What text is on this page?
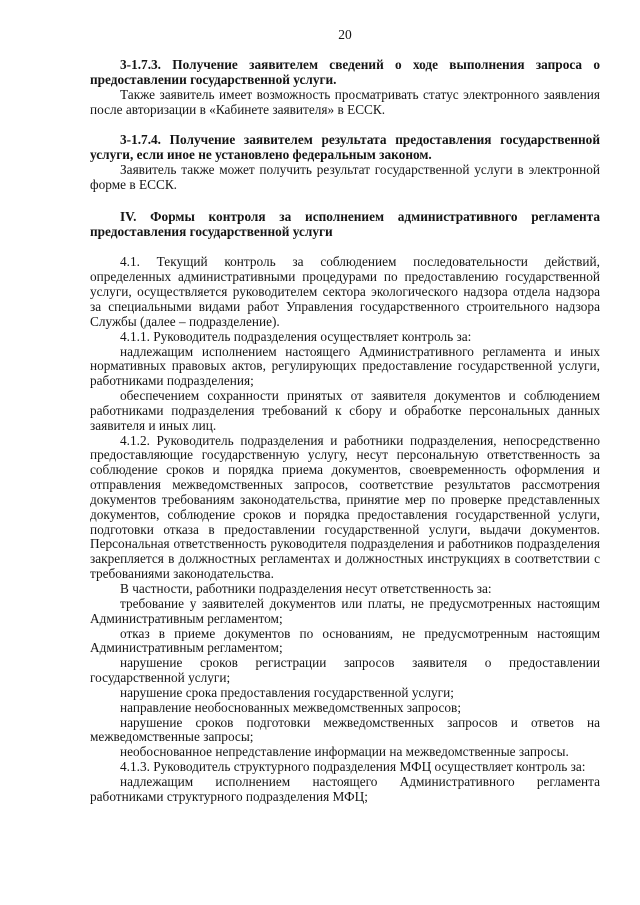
20

3-1.7.3. Получение заявителем сведений о ходе выполнения запроса о предоставлении государственной услуги.

Также заявитель имеет возможность просматривать статус электронного заявления после авторизации в «Кабинете заявителя» в ЕССК.

3-1.7.4. Получение заявителем результата предоставления государственной услуги, если иное не установлено федеральным законом.

Заявитель также может получить результат государственной услуги в электронной форме в ЕССК.

IV. Формы контроля за исполнением административного регламента предоставления государственной услуги

4.1. Текущий контроль за соблюдением последовательности действий, определенных административными процедурами по предоставлению государственной услуги, осуществляется руководителем сектора экологического надзора отдела надзора за специальными видами работ Управления государственного строительного надзора Службы (далее – подразделение).

4.1.1. Руководитель подразделения осуществляет контроль за:

надлежащим исполнением настоящего Административного регламента и иных нормативных правовых актов, регулирующих предоставление государственной услуги, работниками подразделения;

обеспечением сохранности принятых от заявителя документов и соблюдением работниками подразделения требований к сбору и обработке персональных данных заявителя и иных лиц.

4.1.2. Руководитель подразделения и работники подразделения, непосредственно предоставляющие государственную услугу, несут персональную ответственность за соблюдение сроков и порядка приема документов, своевременность оформления и отправления межведомственных запросов, соответствие результатов рассмотрения документов требованиям законодательства, принятие мер по проверке представленных документов, соблюдение сроков и порядка предоставления государственной услуги, подготовки отказа в предоставлении государственной услуги, выдачи документов. Персональная ответственность руководителя подразделения и работников подразделения закрепляется в должностных регламентах и должностных инструкциях в соответствии с требованиями законодательства.

В частности, работники подразделения несут ответственность за:

требование у заявителей документов или платы, не предусмотренных настоящим Административным регламентом;

отказ в приеме документов по основаниям, не предусмотренным настоящим Административным регламентом;

нарушение сроков регистрации запросов заявителя о предоставлении государственной услуги;

нарушение срока предоставления государственной услуги;

направление необоснованных межведомственных запросов;

нарушение сроков подготовки межведомственных запросов и ответов на межведомственные запросы;

необоснованное непредставление информации на межведомственные запросы.

4.1.3. Руководитель структурного подразделения МФЦ осуществляет контроль за:

надлежащим исполнением настоящего Административного регламента работниками структурного подразделения МФЦ;
